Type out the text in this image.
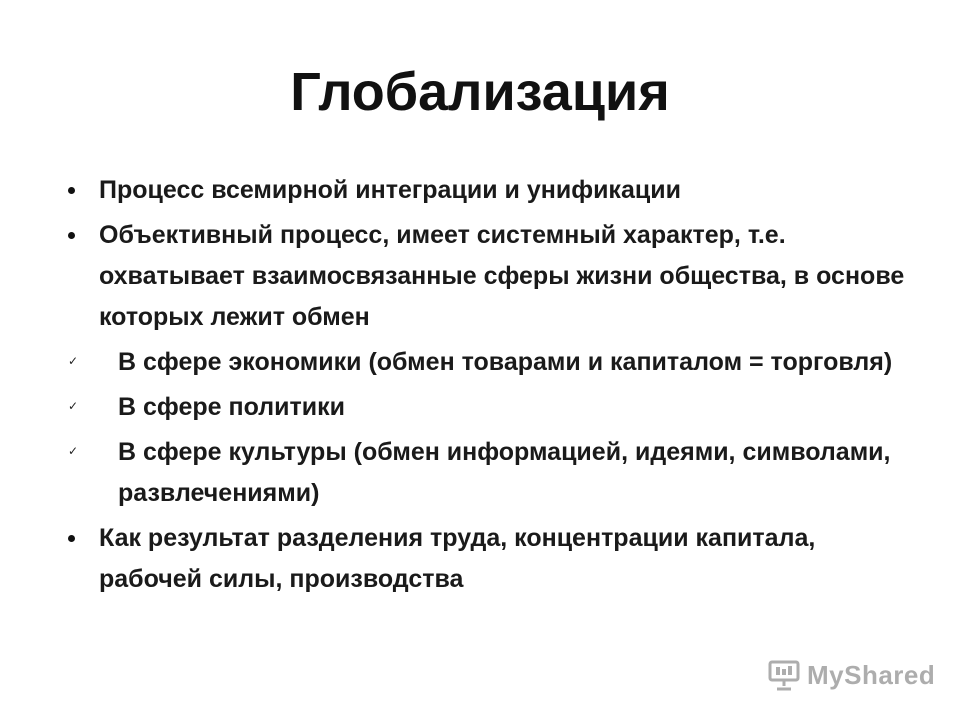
Глобализация
Процесс всемирной интеграции и унификации
Объективный процесс, имеет системный характер, т.е. охватывает взаимосвязанные сферы жизни общества, в основе которых лежит обмен
✓ В сфере экономики (обмен товарами и капиталом = торговля)
✓ В сфере политики
✓ В сфере культуры (обмен информацией, идеями, символами, развлечениями)
Как результат разделения труда, концентрации капитала, рабочей силы, производства
MyShared
